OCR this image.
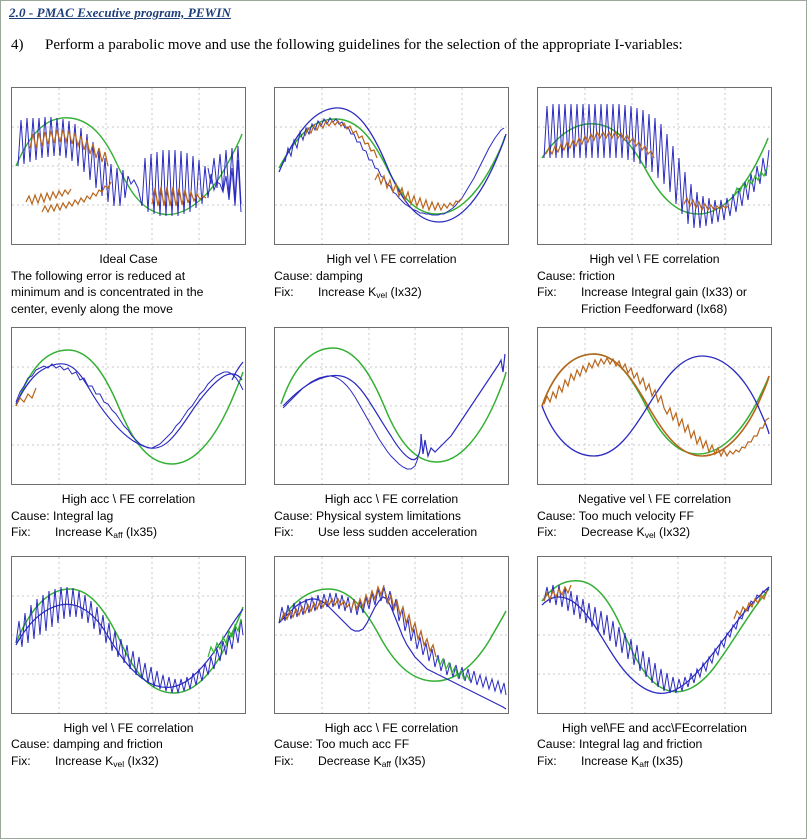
2.0 - PMAC Executive program, PEWIN
4) Perform a parabolic move and use the following guidelines for the selection of the appropriate I-variables:
Ideal Case
The following error is reduced at
minimum and is concentrated in the
center, evenly along the move
High vel \ FE correlation
Cause: damping
Fix: Increase $K_{vel}$ (Ix32)
High vel \ FE correlation
Cause: friction
Fix: Increase Integral gain (Ix33) or
Friction Feedforward (Ix68)
High acc \ FE correlation
Cause: Integral lag
Fix: Increase $K_{aff}$ (Ix35)
High acc \ FE correlation
Cause: Physical system limitations
Fix: Use less sudden acceleration
Negative vel \ FE correlation
Cause: Too much velocity FF
Fix: Decrease $K_{vel}$ (Ix32)
High vel \ FE correlation
Cause: damping and friction
Fix: Increase $K_{vel}$ (Ix32)
High acc \ FE correlation
Cause: Too much acc FF
Fix: Decrease $K_{aff}$ (Ix35)
High vel\FE and acc\FEcorrelation
Cause: Integral lag and friction
Fix: Increase $K_{aff}$ (Ix35)
